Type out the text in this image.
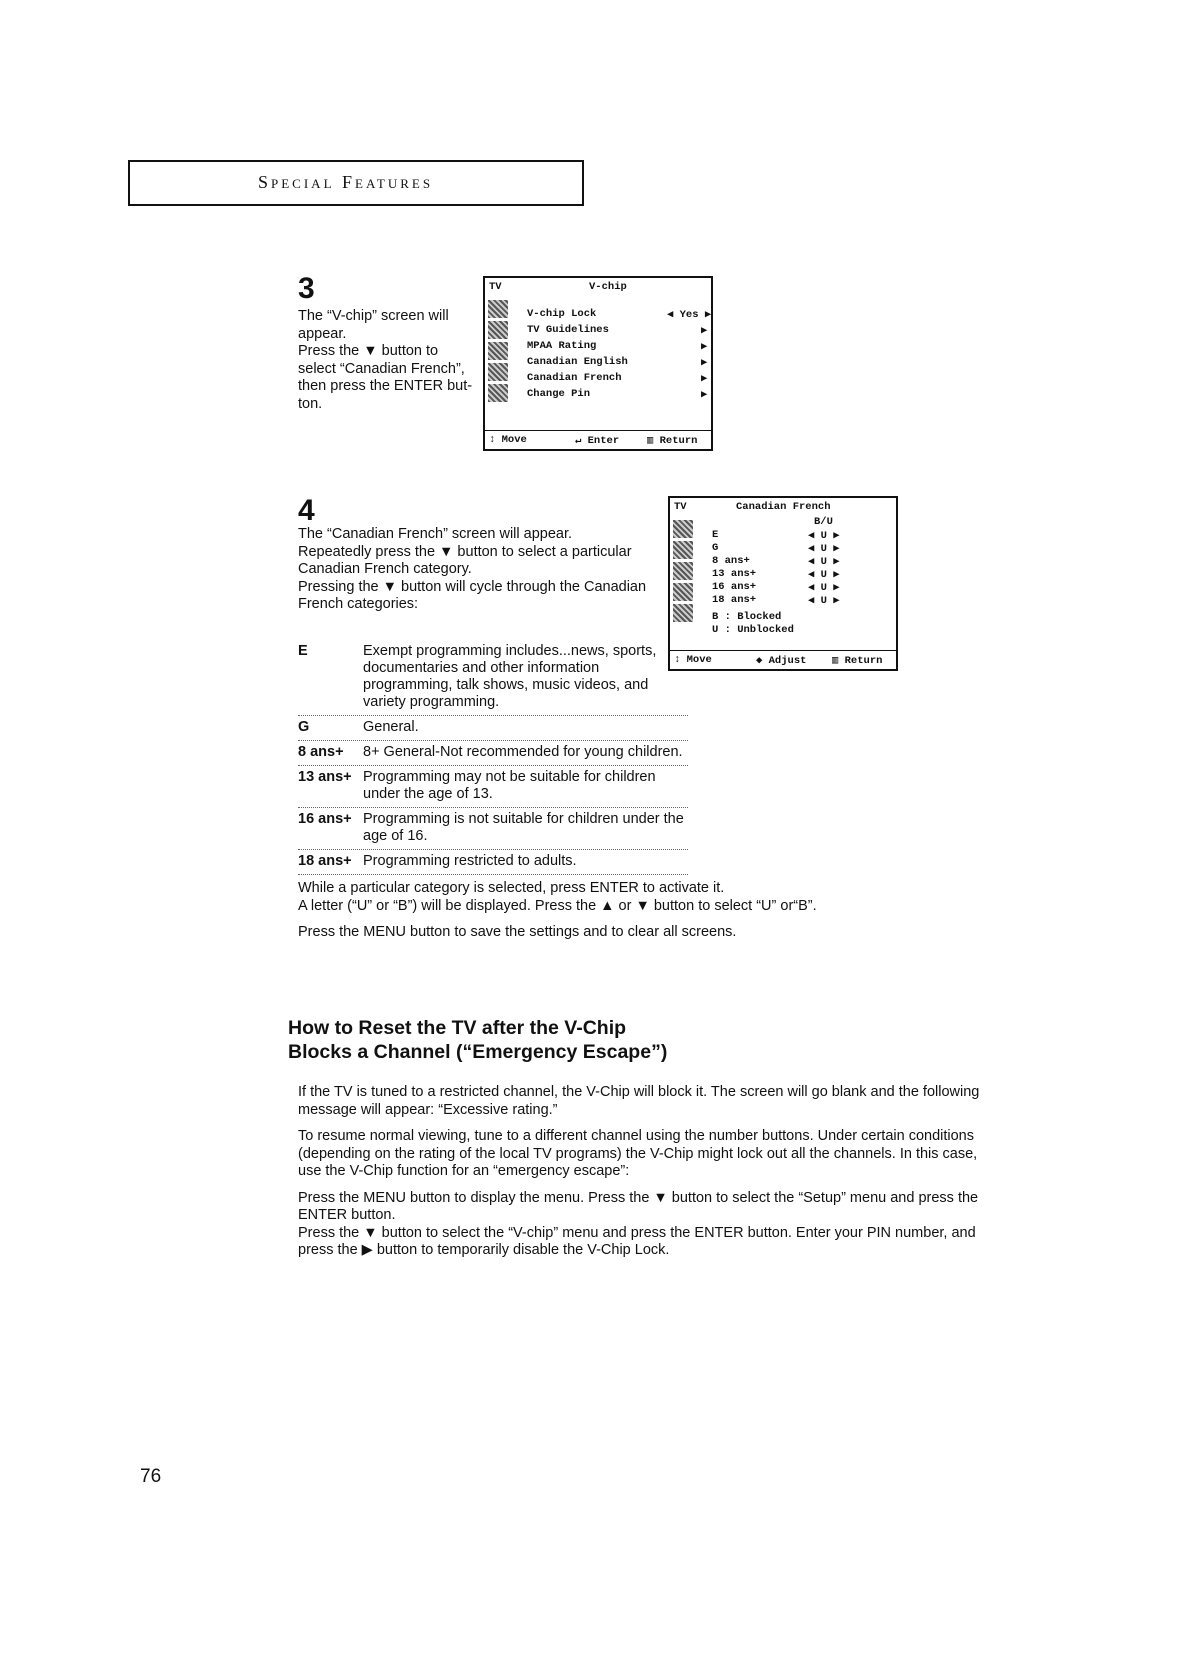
Special Features
3

The “V-chip” screen will

appear.

Press the ▼ button to

select “Canadian French”,

then press the ENTER but-

ton.

TV	V-chip
V-chip Lock	◀ Yes ▶
TV Guidelines	▶
MPAA Rating	▶
Canadian English	▶
Canadian French	▶
Change Pin	▶
↕ Move	↵ Enter	▥ Return
4

The “Canadian French” screen will appear.

Repeatedly press the ▼ button to select a particular

Canadian French category.

Pressing the ▼ button will cycle through the Canadian

French categories:

TV	Canadian French
B/U
E	◀ U ▶
G	◀ U ▶
8 ans+	◀ U ▶
13 ans+	◀ U ▶
16 ans+	◀ U ▶
18 ans+	◀ U ▶
B : Blocked
U : Unblocked
↕ Move	◆ Adjust ▥ Return
E	Exempt programming includes...news, sports, documentaries and other information programming, talk shows, music videos, and variety programming.
G	General.
8 ans+ 8+ General-Not recommended for young children.
13 ans+ Programming may not be suitable for children under the age of 13.
16 ans+ Programming is not suitable for children under the age of 16.
18 ans+ Programming restricted to adults.

While a particular category is selected, press ENTER to activate it.

A letter (“U” or “B”) will be displayed. Press the ▲ or ▼ button to select “U” or“B”.

Press the MENU button to save the settings and to clear all screens.

How to Reset the TV after the V-Chip
Blocks a Channel (“Emergency Escape”)

If the TV is tuned to a restricted channel, the V-Chip will block it. The screen will go blank and the following message will appear: “Excessive rating.”

To resume normal viewing, tune to a different channel using the number buttons. Under certain conditions (depending on the rating of the local TV programs) the V-Chip might lock out all the channels. In this case, use the V-Chip function for an “emergency escape”:

Press the MENU button to display the menu. Press the ▼ button to select the “Setup” menu and press the ENTER button.

Press the ▼ button to select the “V-chip” menu and press the ENTER button. Enter your PIN number, and press the ▶ button to temporarily disable the V-Chip Lock.

76
